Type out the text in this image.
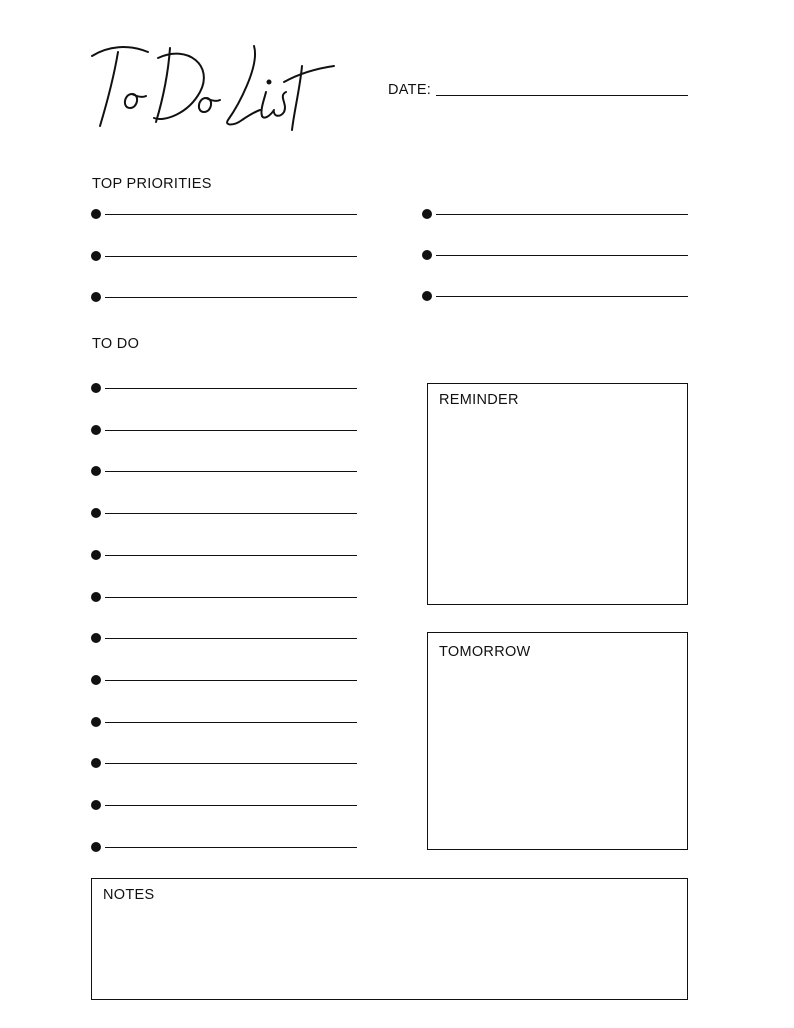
DATE:
TOP PRIORITIES
TO DO
REMINDER
TOMORROW
NOTES
